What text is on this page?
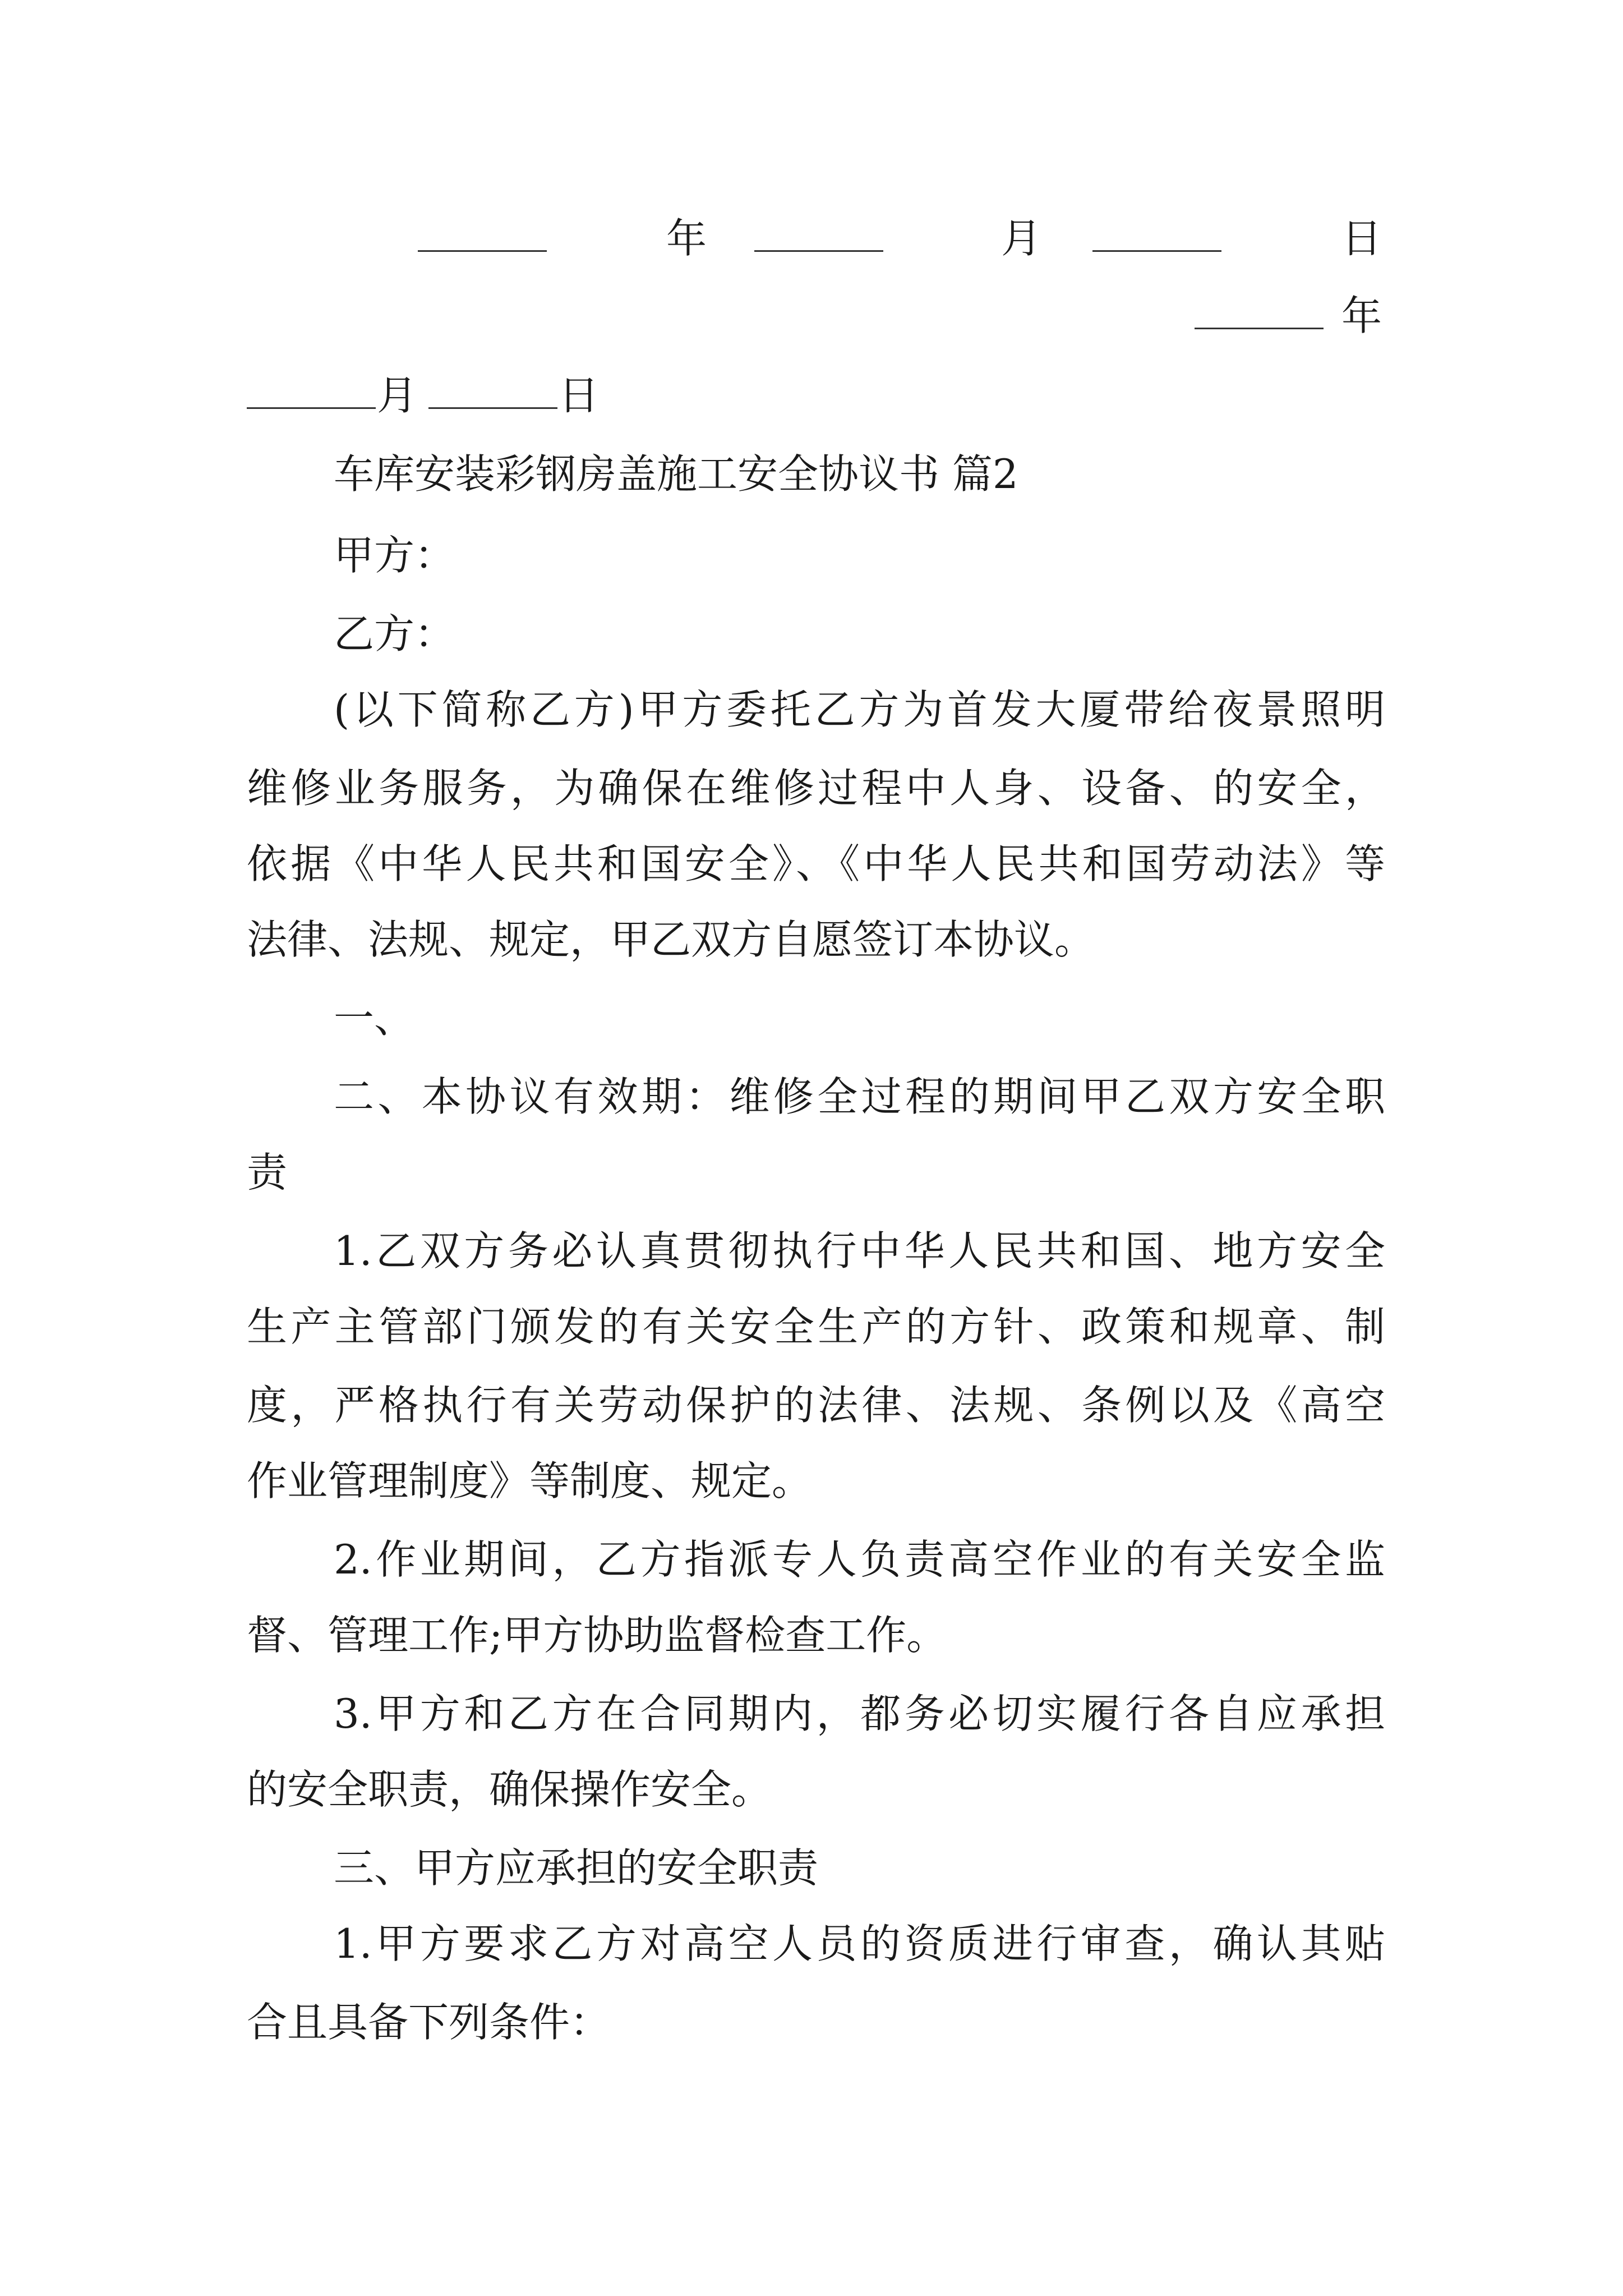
年	月	日
年
月	日
车库安装彩钢房盖施工安全协议书 篇2
甲方：
乙方：
(以下简称乙方)甲方委托乙方为首发大厦带给夜景照明
维修业务服务，为确保在维修过程中人身、设备、的安全，
依据《中华人民共和国安全》、《中华人民共和国劳动法》等
法律、法规、规定，甲乙双方自愿签订本协议。
一、
二、本协议有效期：维修全过程的期间甲乙双方安全职
责
1.乙双方务必认真贯彻执行中华人民共和国、地方安全
生产主管部门颁发的有关安全生产的方针、政策和规章、制
度，严格执行有关劳动保护的法律、法规、条例以及《高空
作业管理制度》等制度、规定。
2.作业期间，乙方指派专人负责高空作业的有关安全监
督、管理工作;甲方协助监督检查工作。
3.甲方和乙方在合同期内，都务必切实履行各自应承担
的安全职责，确保操作安全。
三、甲方应承担的安全职责
1.甲方要求乙方对高空人员的资质进行审查，确认其贴
合且具备下列条件：
